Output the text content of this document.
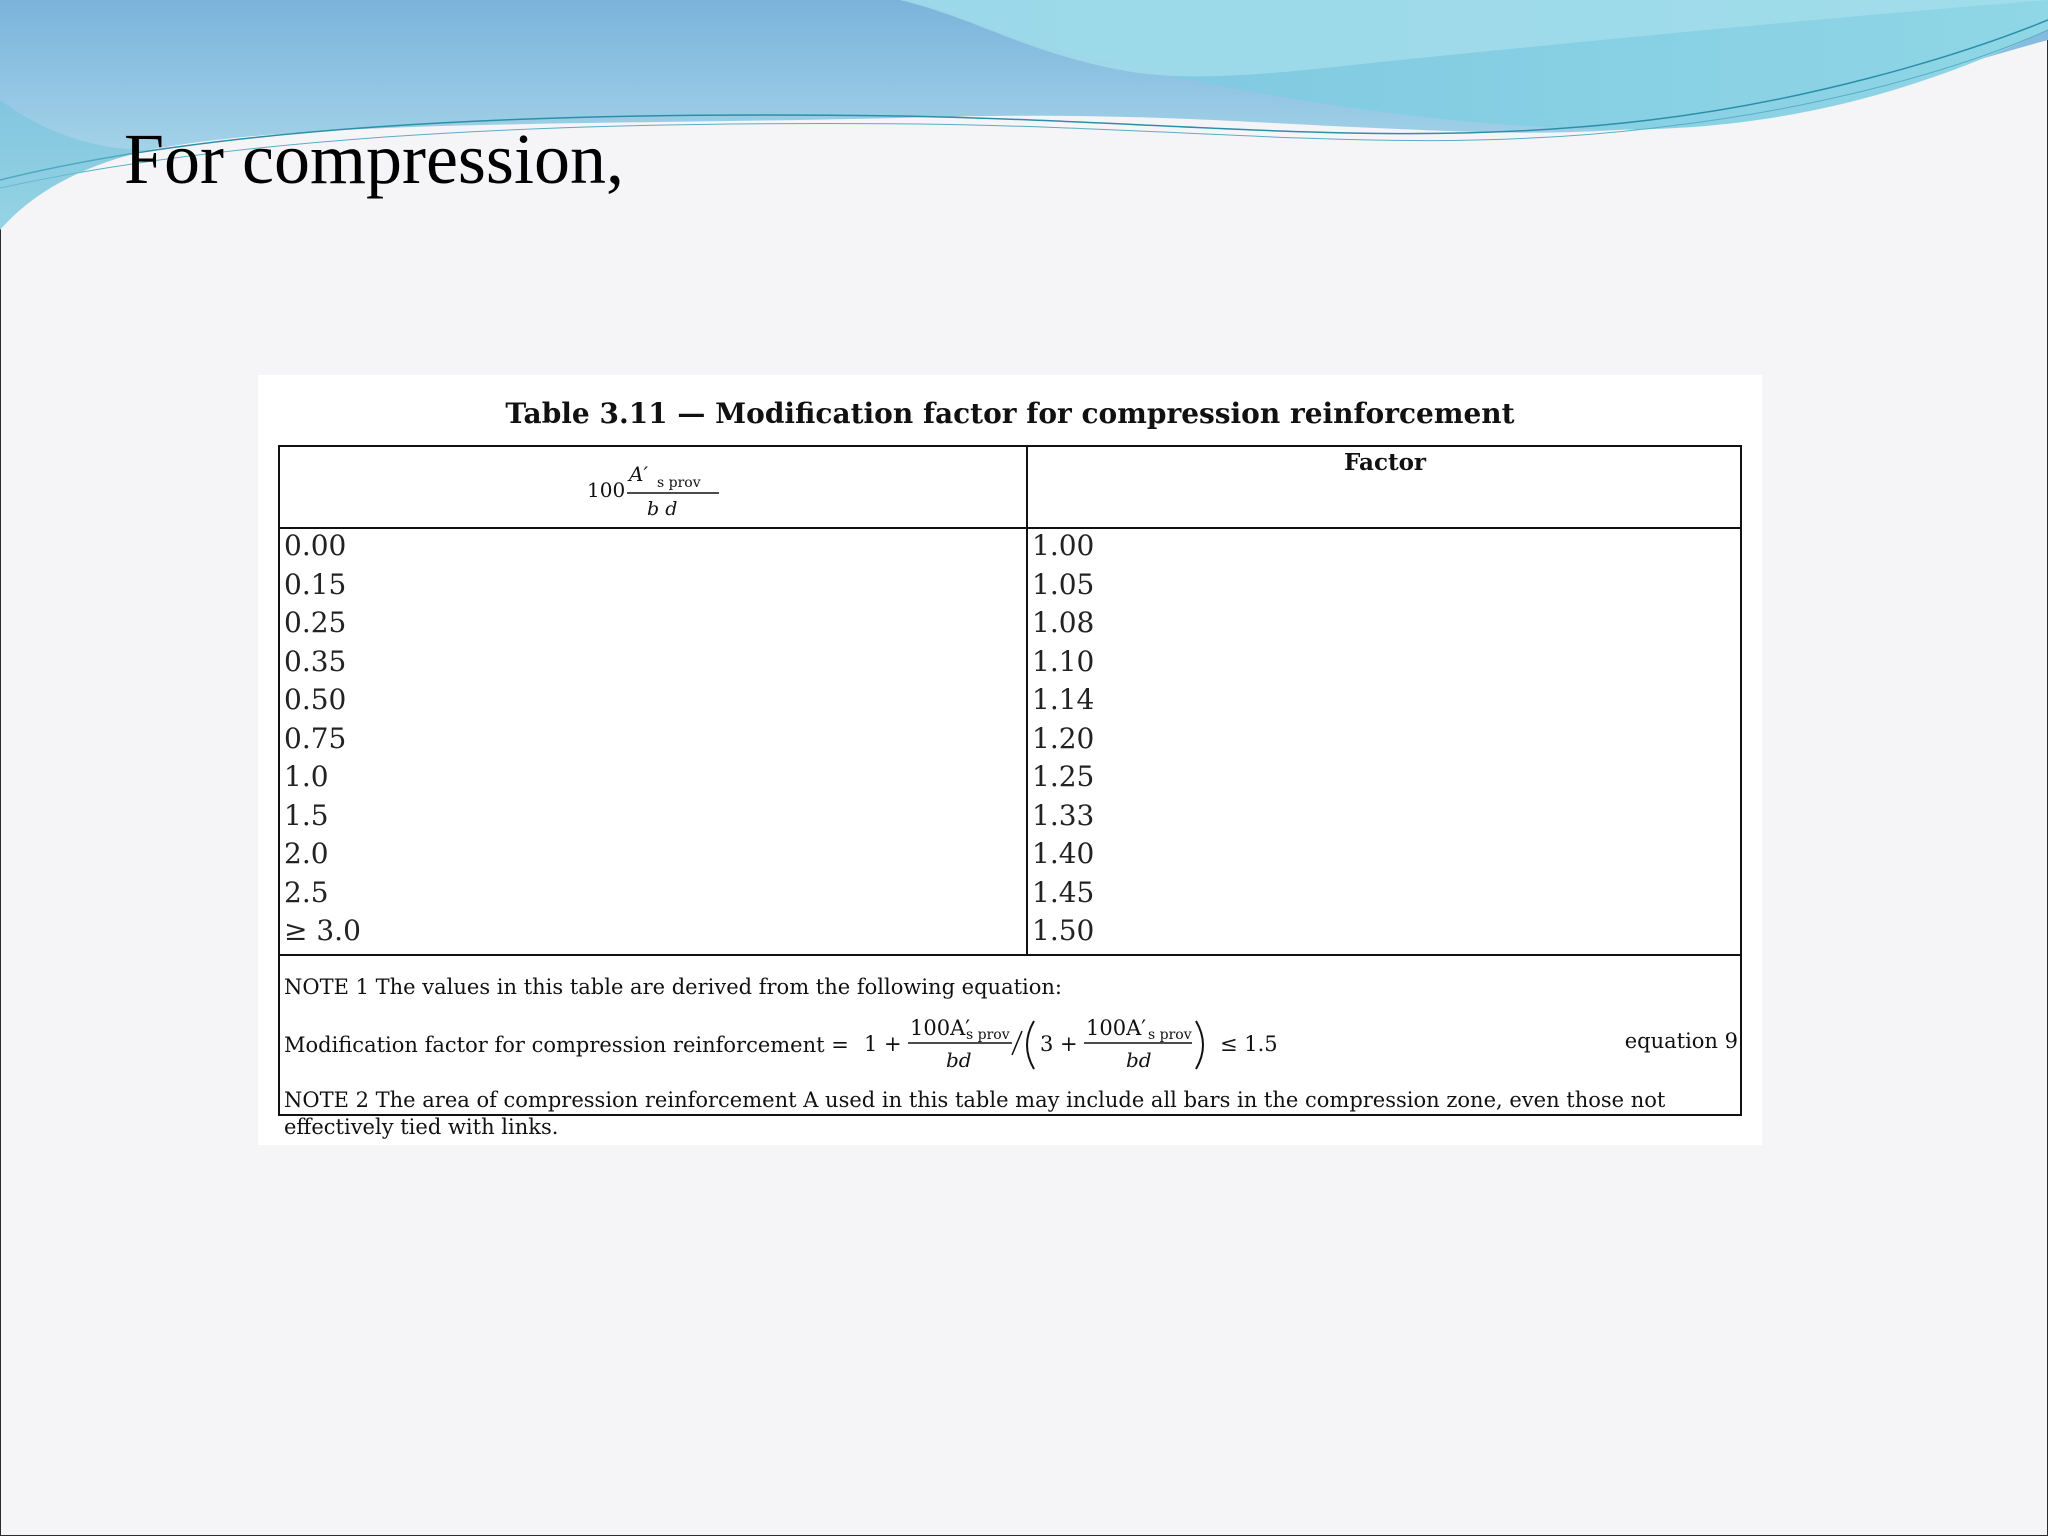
For compression,
Table 3.11 — Modification factor for compression reinforcement
100
A′ s prov
b d
Factor
0.00
0.15
0.25
0.35
0.50
0.75
1.0
1.5
2.0
2.5
≥ 3.0
1.00
1.05
1.08
1.10
1.14
1.20
1.25
1.33
1.40
1.45
1.50
NOTE 1 The values in this table are derived from the following equation:
Modification factor for compression reinforcement = 1 +
100A′
s prov
bd
3 +
100A′ s prov
bd
≤ 1.5	equation 9
NOTE 2 The area of compression reinforcement A used in this table may include all bars in the compression zone, even those not effectively tied with links.
